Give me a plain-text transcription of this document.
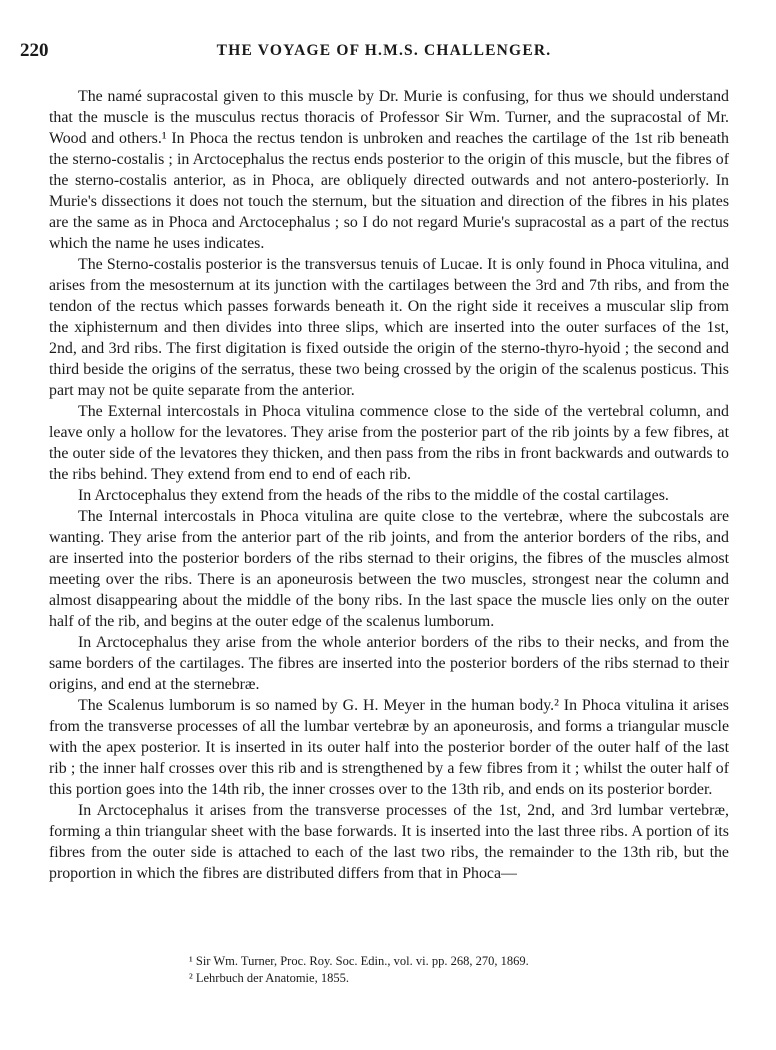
220	THE VOYAGE OF H.M.S. CHALLENGER.

The namé supracostal given to this muscle by Dr. Murie is confusing, for thus we should understand that the muscle is the musculus rectus thoracis of Professor Sir Wm. Turner, and the supracostal of Mr. Wood and others.¹ In Phoca the rectus tendon is unbroken and reaches the cartilage of the 1st rib beneath the sterno-costalis ; in Arctocephalus the rectus ends posterior to the origin of this muscle, but the fibres of the sterno-costalis anterior, as in Phoca, are obliquely directed outwards and not antero-posteriorly. In Murie's dissections it does not touch the sternum, but the situation and direction of the fibres in his plates are the same as in Phoca and Arctocephalus ; so I do not regard Murie's supracostal as a part of the rectus which the name he uses indicates.

The Sterno-costalis posterior is the transversus tenuis of Lucae. It is only found in Phoca vitulina, and arises from the mesosternum at its junction with the cartilages between the 3rd and 7th ribs, and from the tendon of the rectus which passes forwards beneath it. On the right side it receives a muscular slip from the xiphisternum and then divides into three slips, which are inserted into the outer surfaces of the 1st, 2nd, and 3rd ribs. The first digitation is fixed outside the origin of the sterno-thyro-hyoid ; the second and third beside the origins of the serratus, these two being crossed by the origin of the scalenus posticus. This part may not be quite separate from the anterior.

The External intercostals in Phoca vitulina commence close to the side of the vertebral column, and leave only a hollow for the levatores. They arise from the posterior part of the rib joints by a few fibres, at the outer side of the levatores they thicken, and then pass from the ribs in front backwards and outwards to the ribs behind. They extend from end to end of each rib.

In Arctocephalus they extend from the heads of the ribs to the middle of the costal cartilages.

The Internal intercostals in Phoca vitulina are quite close to the vertebræ, where the subcostals are wanting. They arise from the anterior part of the rib joints, and from the anterior borders of the ribs, and are inserted into the posterior borders of the ribs sternad to their origins, the fibres of the muscles almost meeting over the ribs. There is an aponeurosis between the two muscles, strongest near the column and almost disappearing about the middle of the bony ribs. In the last space the muscle lies only on the outer half of the rib, and begins at the outer edge of the scalenus lumborum.

In Arctocephalus they arise from the whole anterior borders of the ribs to their necks, and from the same borders of the cartilages. The fibres are inserted into the posterior borders of the ribs sternad to their origins, and end at the sternebræ.

The Scalenus lumborum is so named by G. H. Meyer in the human body.² In Phoca vitulina it arises from the transverse processes of all the lumbar vertebræ by an aponeurosis, and forms a triangular muscle with the apex posterior. It is inserted in its outer half into the posterior border of the outer half of the last rib ; the inner half crosses over this rib and is strengthened by a few fibres from it ; whilst the outer half of this portion goes into the 14th rib, the inner crosses over to the 13th rib, and ends on its posterior border.

In Arctocephalus it arises from the transverse processes of the 1st, 2nd, and 3rd lumbar vertebræ, forming a thin triangular sheet with the base forwards. It is inserted into the last three ribs. A portion of its fibres from the outer side is attached to each of the last two ribs, the remainder to the 13th rib, but the proportion in which the fibres are distributed differs from that in Phoca—

¹ Sir Wm. Turner, Proc. Roy. Soc. Edin., vol. vi. pp. 268, 270, 1869.

² Lehrbuch der Anatomie, 1855.
